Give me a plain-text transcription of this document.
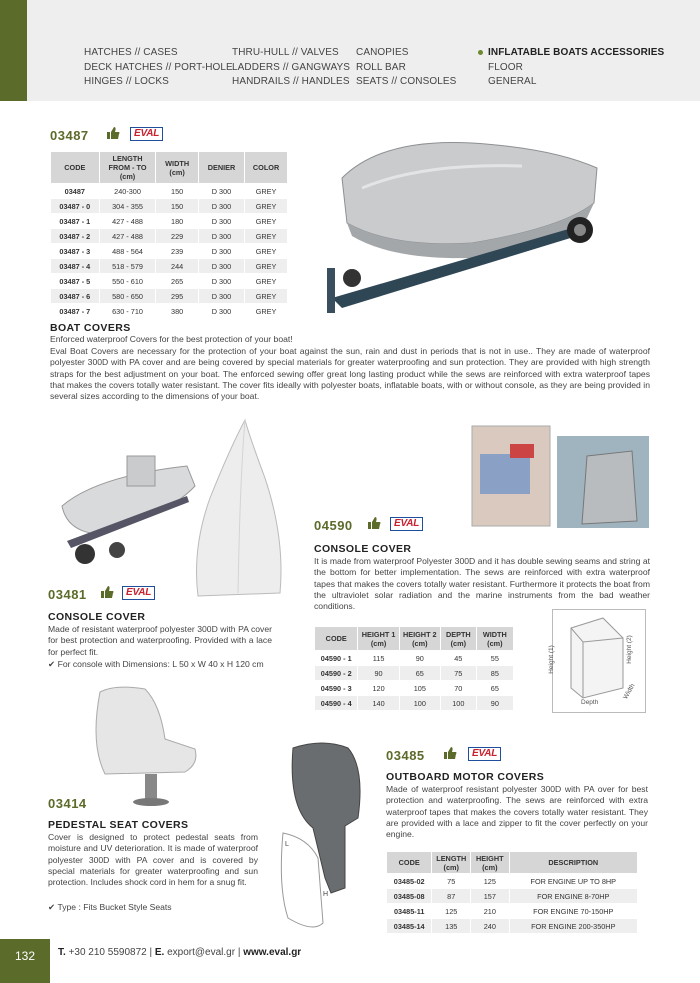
HATCHES // CASES
DECK HATCHES // PORT-HOLE
HINGES // LOCKS
THRU-HULL // VALVES
LADDERS // GANGWAYS
HANDRAILS // HANDLES
CANOPIES
ROLL BAR
SEATS // CONSOLES
INFLATABLE BOATS ACCESSORIES
FLOOR
GENERAL
03487	EVAL
CODE	LENGTH FROM - TO (cm)	WIDTH (cm)	DENIER	COLOR
03487	240-300	150	D 300	GREY
03487 - 0	304 - 355	150	D 300	GREY
03487 - 1	427 - 488	180	D 300	GREY
03487 - 2	427 - 488	229	D 300	GREY
03487 - 3	488 - 564	239	D 300	GREY
03487 - 4	518 - 579	244	D 300	GREY
03487 - 5	550 - 610	265	D 300	GREY
03487 - 6	580 - 650	295	D 300	GREY
03487 - 7	630 - 710	380	D 300	GREY
BOAT COVERS
Enforced waterproof Covers for the best protection of your boat!
Eval Boat Covers are necessary for the protection of your boat against the sun, rain and dust in periods that is not in use.. They are made of waterproof polyester 300D with PA cover and are being covered by special materials for greater waterproofing and sun protection. They are provided with high strength straps for the best adjustment on your boat. The enforced sewing offer great long lasting product while the sews are reinforced with extra waterproof tapes that makes the covers totally water resistant. The cover fits ideally with polyester boats, inflatable boats, with or without console, as they are being provided in several sizes according to the dimensions of your boat.
03481	EVAL
CONSOLE COVER
Made of resistant waterproof polyester 300D with PA cover for best protection and waterproofing. Provided with a lace for perfect fit.
✔ For console with Dimensions: L 50 x W 40 x H 120 cm
04590	EVAL
CONSOLE COVER
It is made from waterproof Polyester 300D and it has double sewing seams and string at the bottom for better implementation. The sews are reinforced with extra waterproof tapes that makes the covers totally water resistant. Furthermore it protects the boat from the ultraviolet solar radiation and the marine instruments from the bad weather conditions.
CODE	HEIGHT 1 (cm)	HEIGHT 2 (cm)	DEPTH (cm)	WIDTH (cm)
04590 - 1	115	90	45	55
04590 - 2	90	65	75	85
04590 - 3	120	105	70	65
04590 - 4	140	100	100	90
Height (1)	Height (2)
Depth
Width
03414
PEDESTAL SEAT COVERS
Cover is designed to protect pedestal seats from moisture and UV deterioration. It is made of waterproof polyester 300D with PA cover and is covered by special materials for greater waterproofing and sun protection. Includes shock cord in hem for a snug fit.
✔ Type : Fits Bucket Style Seats
L
H
03485	EVAL
OUTBOARD MOTOR COVERS
Made of waterproof resistant polyester 300D with PA over for best protection and waterproofing. The sews are reinforced with extra waterproof tapes that makes the covers totally water resistant. They are provided with a lace and zipper to fit the cover perfectly on your engine.
CODE	LENGTH (cm)	HEIGHT (cm)	DESCRIPTION
03485-02	75	125	FOR ENGINE UP TO 8HP
03485-08	87	157	FOR ENGINE 8-70HP
03485-11	125	210	FOR ENGINE 70-150HP
03485-14	135	240	FOR ENGINE 200-350HP
132	T. +30 210 5590872 | E. export@eval.gr | www.eval.gr
